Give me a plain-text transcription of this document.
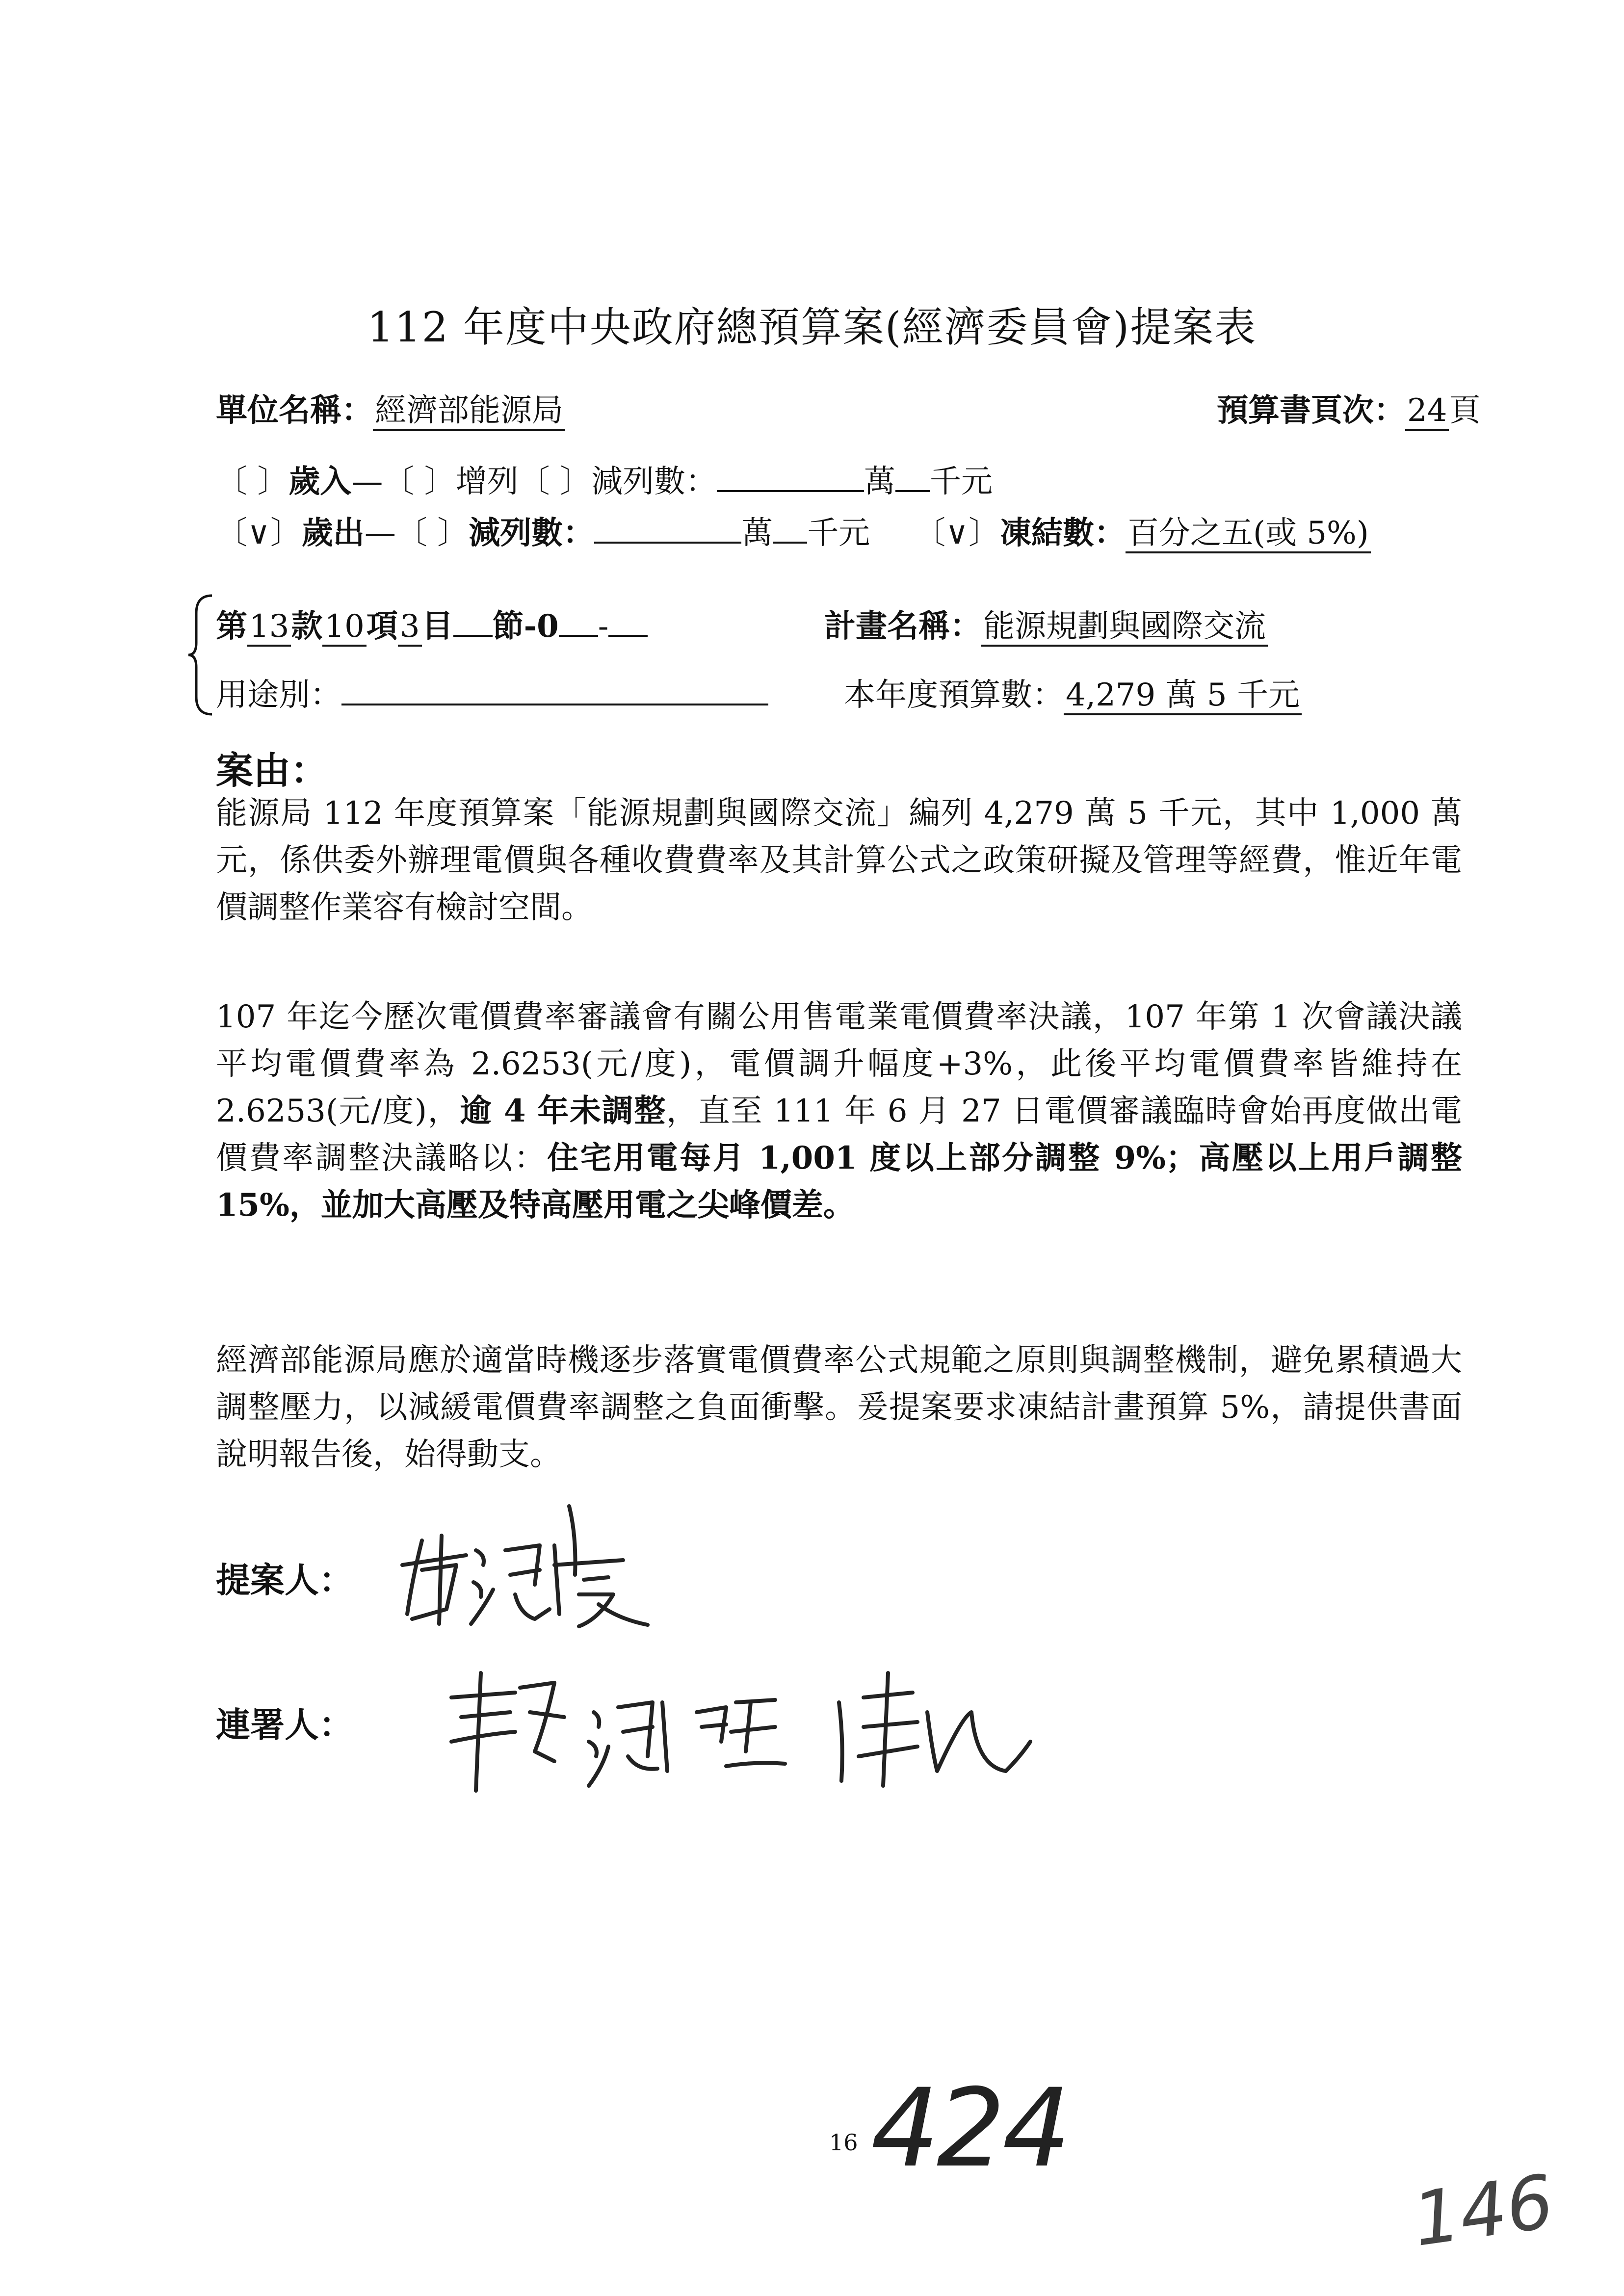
112 年度中央政府總預算案(經濟委員會)提案表
單位名稱：經濟部能源局	預算書頁次：24頁
〔 〕歲入—〔 〕增列〔 〕減列數：	萬 千元
〔∨〕歲出—〔 〕減列數：	萬 千元 〔∨〕凍結數：百分之五(或 5%)
第13款10項3目 節-0 -	計畫名稱：能源規劃與國際交流
用途別：	本年度預算數：4,279 萬 5 千元
案由：
能源局 112 年度預算案「能源規劃與國際交流」編列 4,279 萬 5 千元，其中 1,000 萬元，係供委外辦理電價與各種收費費率及其計算公式之政策研擬及管理等經費，惟近年電價調整作業容有檢討空間。
107 年迄今歷次電價費率審議會有關公用售電業電價費率決議，107 年第 1 次會議決議平均電價費率為 2.6253(元/度)，電價調升幅度+3%，此後平均電價費率皆維持在 2.6253(元/度)，逾 4 年未調整，直至 111 年 6 月 27 日電價審議臨時會始再度做出電價費率調整決議略以：住宅用電每月 1,001 度以上部分調整 9%；高壓以上用戶調整 15%，並加大高壓及特高壓用電之尖峰價差。
經濟部能源局應於適當時機逐步落實電價費率公式規範之原則與調整機制，避免累積過大調整壓力，以減緩電價費率調整之負面衝擊。爰提案要求凍結計畫預算 5%，請提供書面說明報告後，始得動支。
提案人：
連署人：
16 424
146
